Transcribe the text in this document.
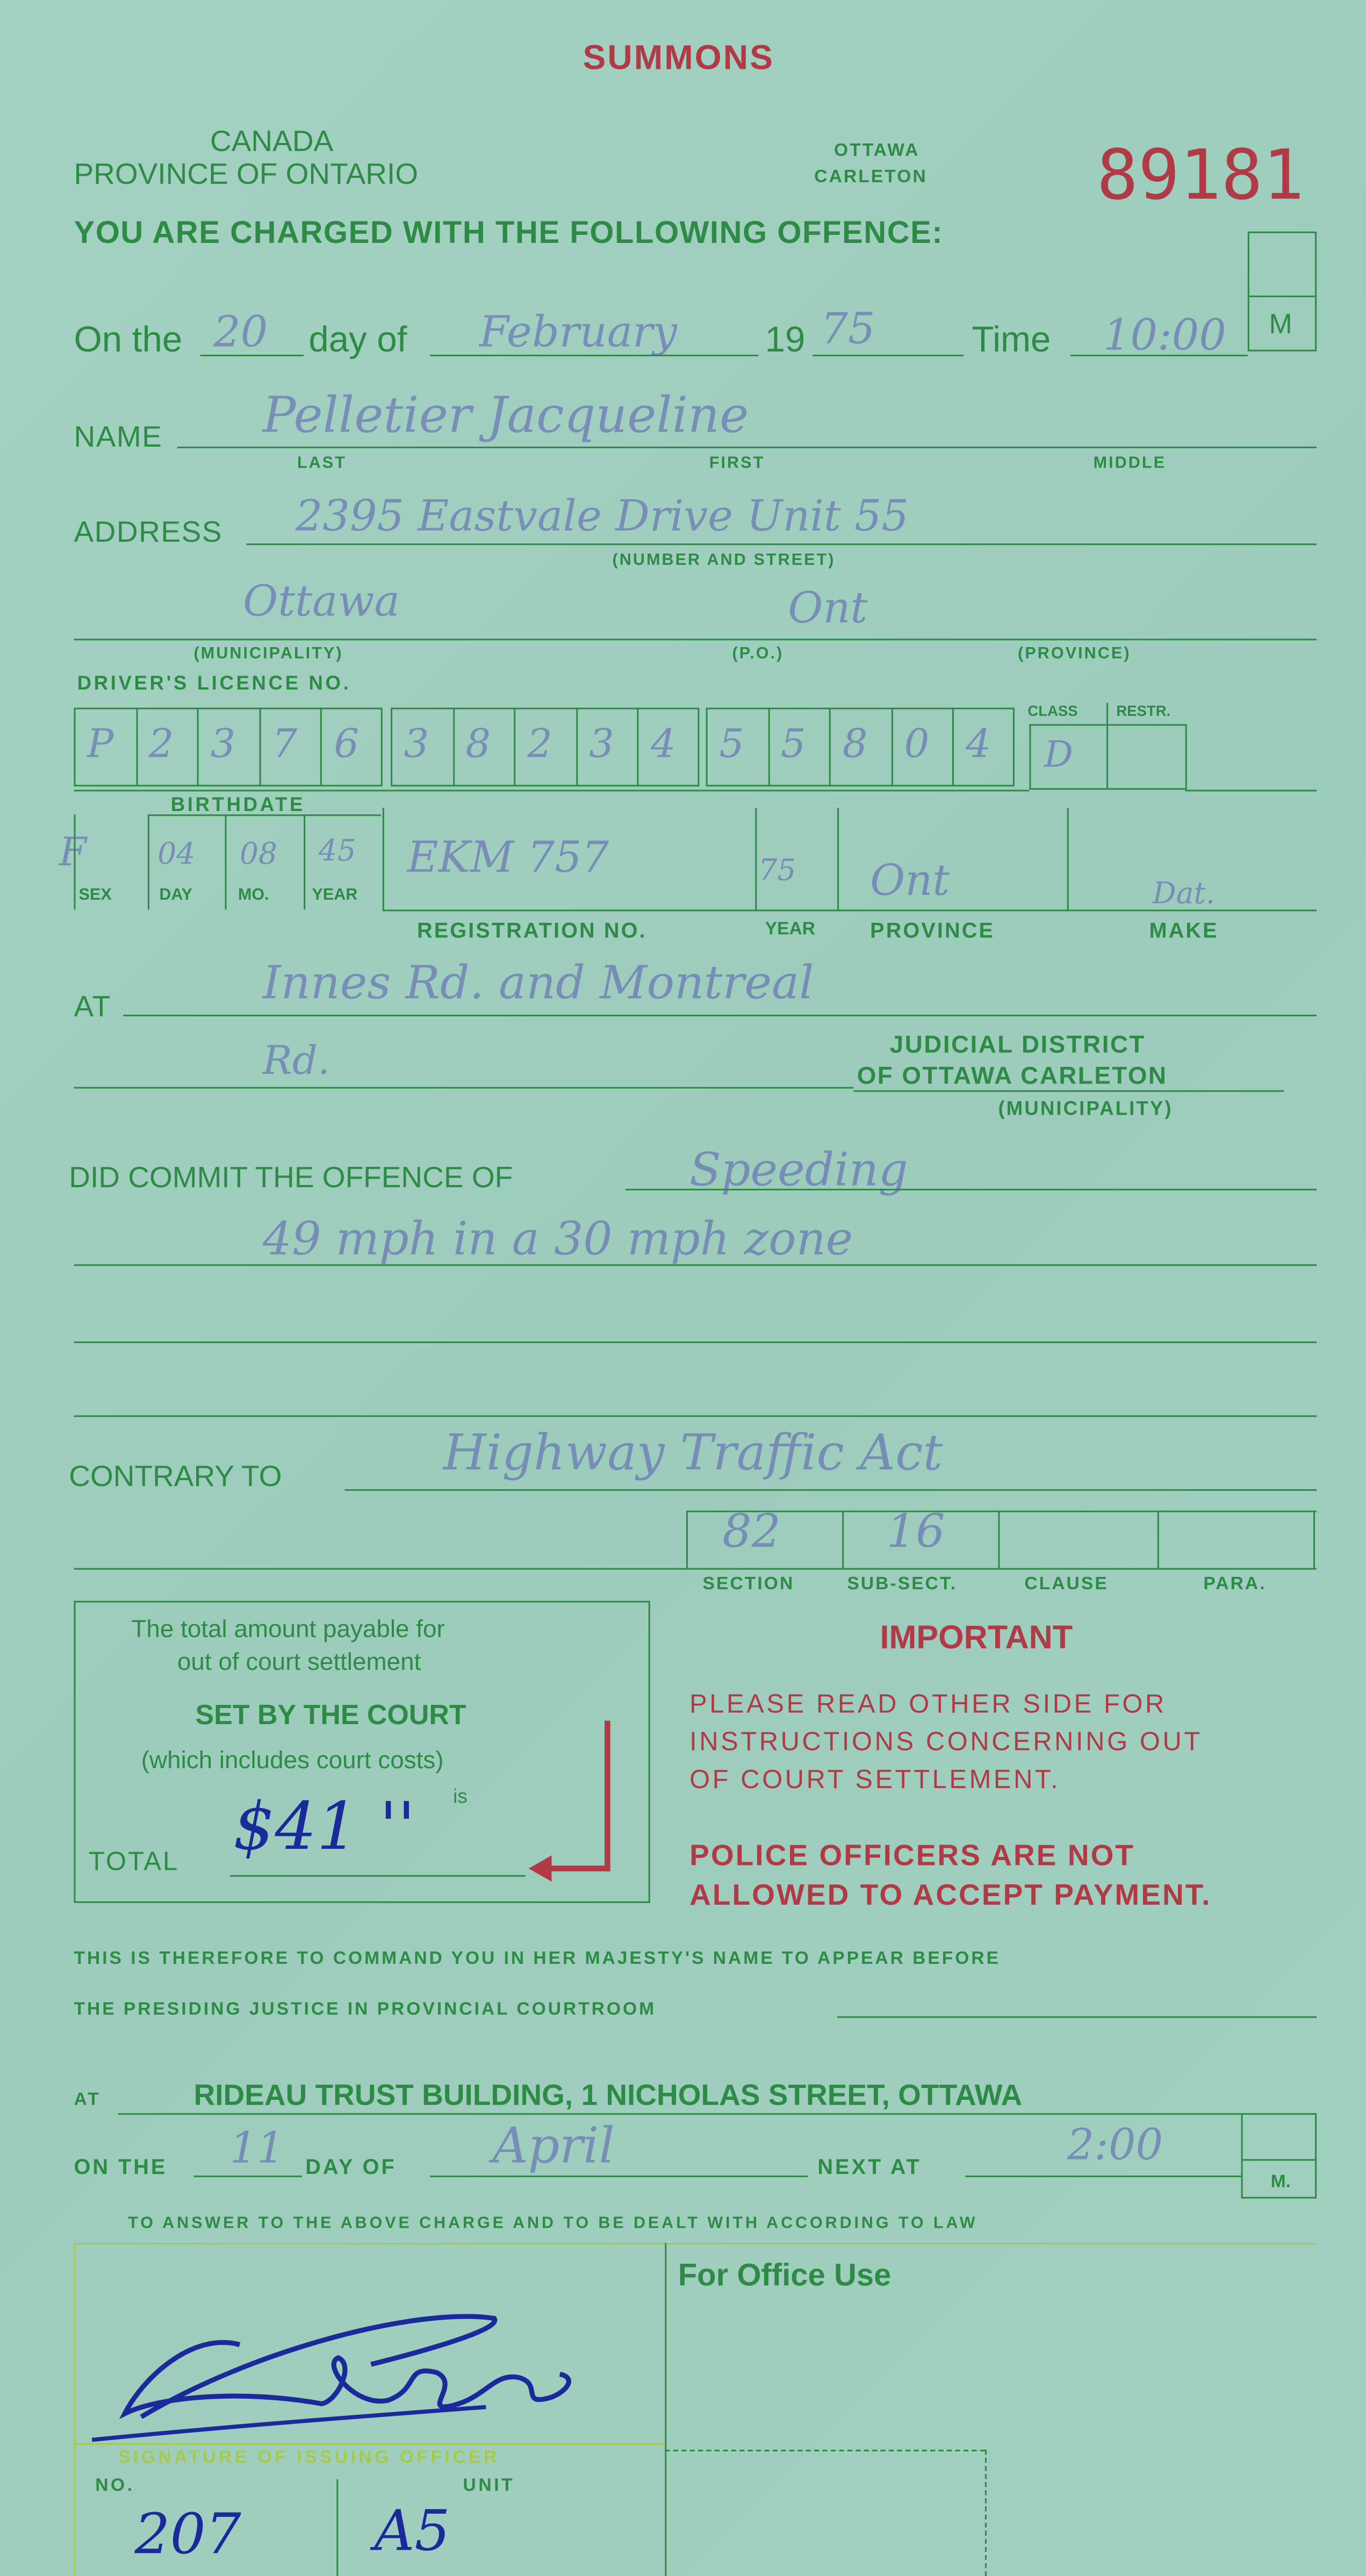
SUMMONS
CANADA
PROVINCE OF ONTARIO
OTTAWA
CARLETON	89181
YOU ARE CHARGED WITH THE FOLLOWING OFFENCE:
M
On the 20	day of	February	19 75	Time	10:00
NAME	Pelletier Jacqueline
LAST	FIRST	MIDDLE
ADDRESS	2395 Eastvale Drive Unit 55
(NUMBER AND STREET)
Ottawa	Ont
(MUNICIPALITY)	(P.O.)	(PROVINCE)
DRIVER'S LICENCE NO.
P	2	3	7	6	3	8	2	3	4	5	5	8	0	4
CLASS	RESTR.
D
BIRTHDATE
SEX	DAY	MO.	YEAR
F	04	08	45	EKM 757	75	Ont	Dat.
REGISTRATION NO.	YEAR	PROVINCE	MAKE
AT	Innes Rd. and Montreal
Rd.	JUDICIAL DISTRICT
OF OTTAWA CARLETON
(MUNICIPALITY)
DID COMMIT THE OFFENCE OF	Speeding
49 mph in a 30 mph zone
CONTRARY TO	Highway Traffic Act
82	16
SECTION	SUB-SECT.	CLAUSE	PARA.
The total amount payable for
out of court settlement
SET BY THE COURT
(which includes court costs)
is
TOTAL	$41 ''
IMPORTANT
PLEASE READ OTHER SIDE FOR
INSTRUCTIONS CONCERNING OUT
OF COURT SETTLEMENT.
POLICE OFFICERS ARE NOT
ALLOWED TO ACCEPT PAYMENT.
THIS IS THEREFORE TO COMMAND YOU IN HER MAJESTY'S NAME TO APPEAR BEFORE
THE PRESIDING JUSTICE IN PROVINCIAL COURTROOM
AT	RIDEAU TRUST BUILDING, 1 NICHOLAS STREET, OTTAWA
M.
ON THE	11	DAY OF	April	NEXT AT	2:00
TO ANSWER TO THE ABOVE CHARGE AND TO BE DEALT WITH ACCORDING TO LAW
For Office Use
SIGNATURE OF ISSUING OFFICER
NO.	UNIT
207	A5
